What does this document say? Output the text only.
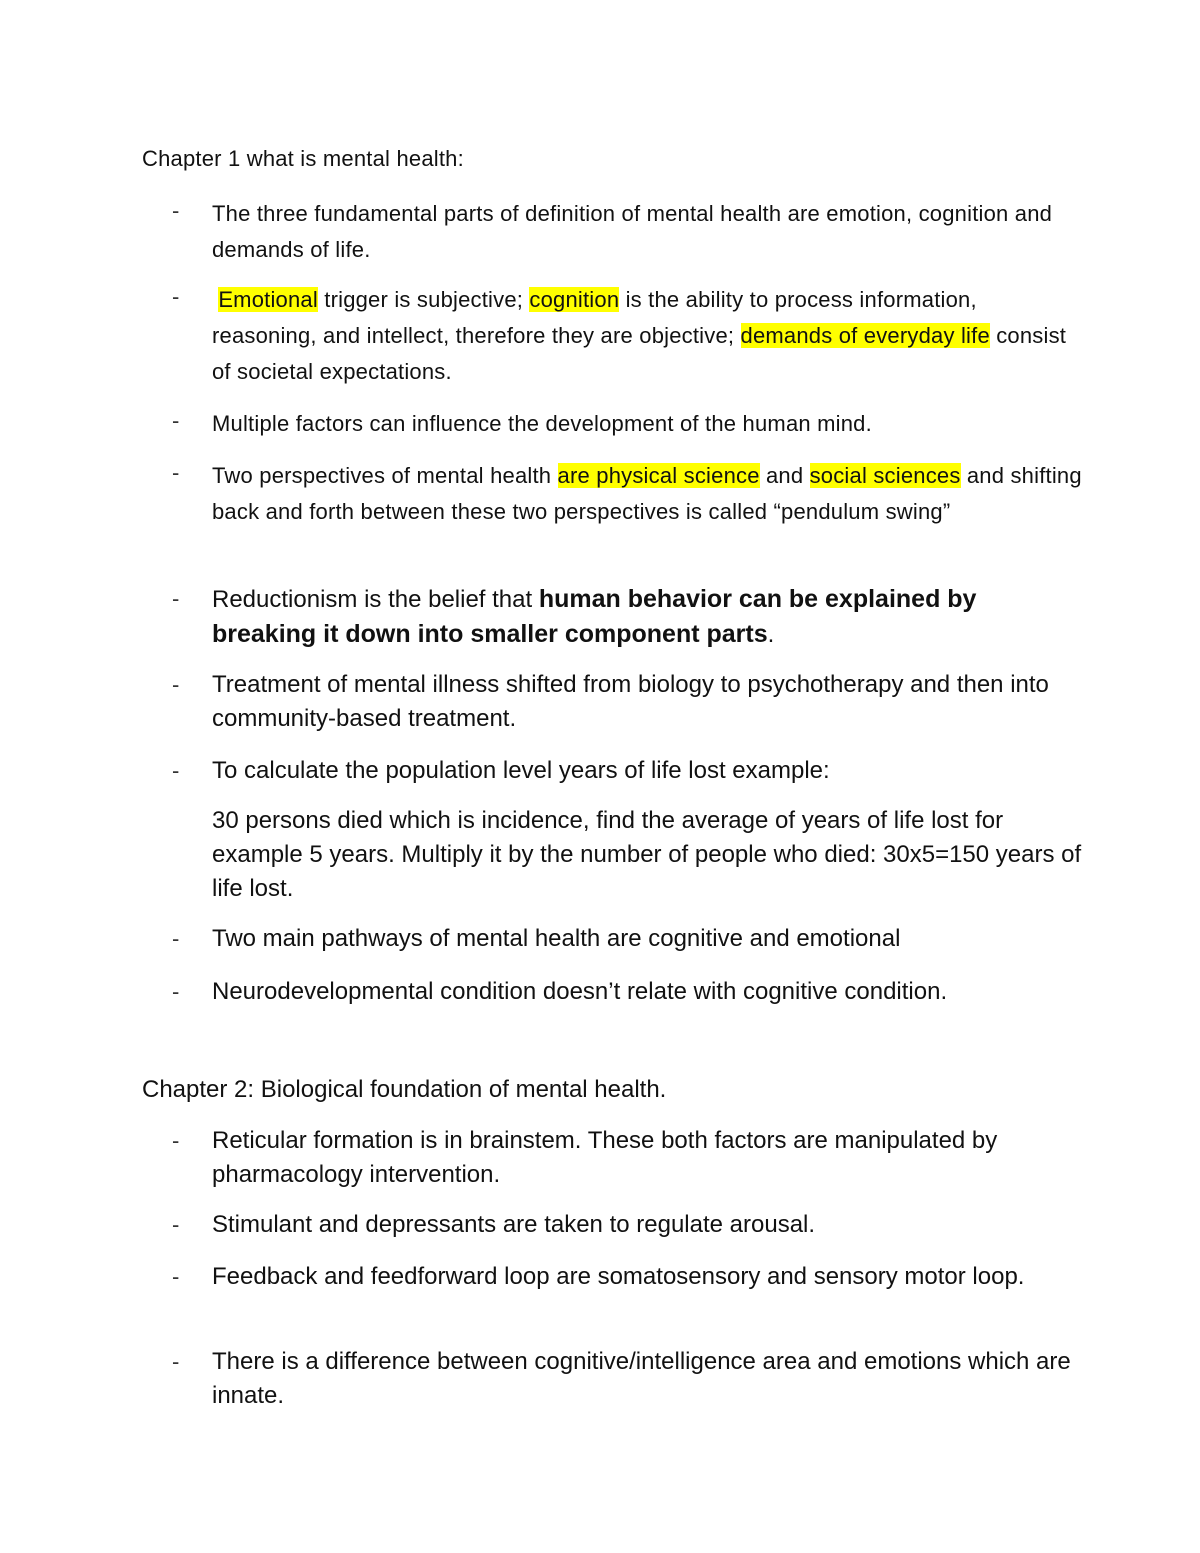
Chapter 1 what is mental health:
- The three fundamental parts of definition of mental health are emotion, cognition and demands of life.

- Emotional trigger is subjective; cognition is the ability to process information, reasoning, and intellect, therefore they are objective; demands of everyday life consist of societal expectations.

- Multiple factors can influence the development of the human mind.

- Two perspectives of mental health are physical science and social sciences and shifting back and forth between these two perspectives is called “pendulum swing”

- Reductionism is the belief that human behavior can be explained by breaking it down into smaller component parts.

- Treatment of mental illness shifted from biology to psychotherapy and then into community-based treatment.

- To calculate the population level years of life lost example:

30 persons died which is incidence, find the average of years of life lost for example 5 years. Multiply it by the number of people who died: 30x5=150 years of life lost.

- Two main pathways of mental health are cognitive and emotional

- Neurodevelopmental condition doesn’t relate with cognitive condition.

Chapter 2: Biological foundation of mental health.
- Reticular formation is in brainstem. These both factors are manipulated by pharmacology intervention.

- Stimulant and depressants are taken to regulate arousal.

- Feedback and feedforward loop are somatosensory and sensory motor loop.

- There is a difference between cognitive/intelligence area and emotions which are innate.
